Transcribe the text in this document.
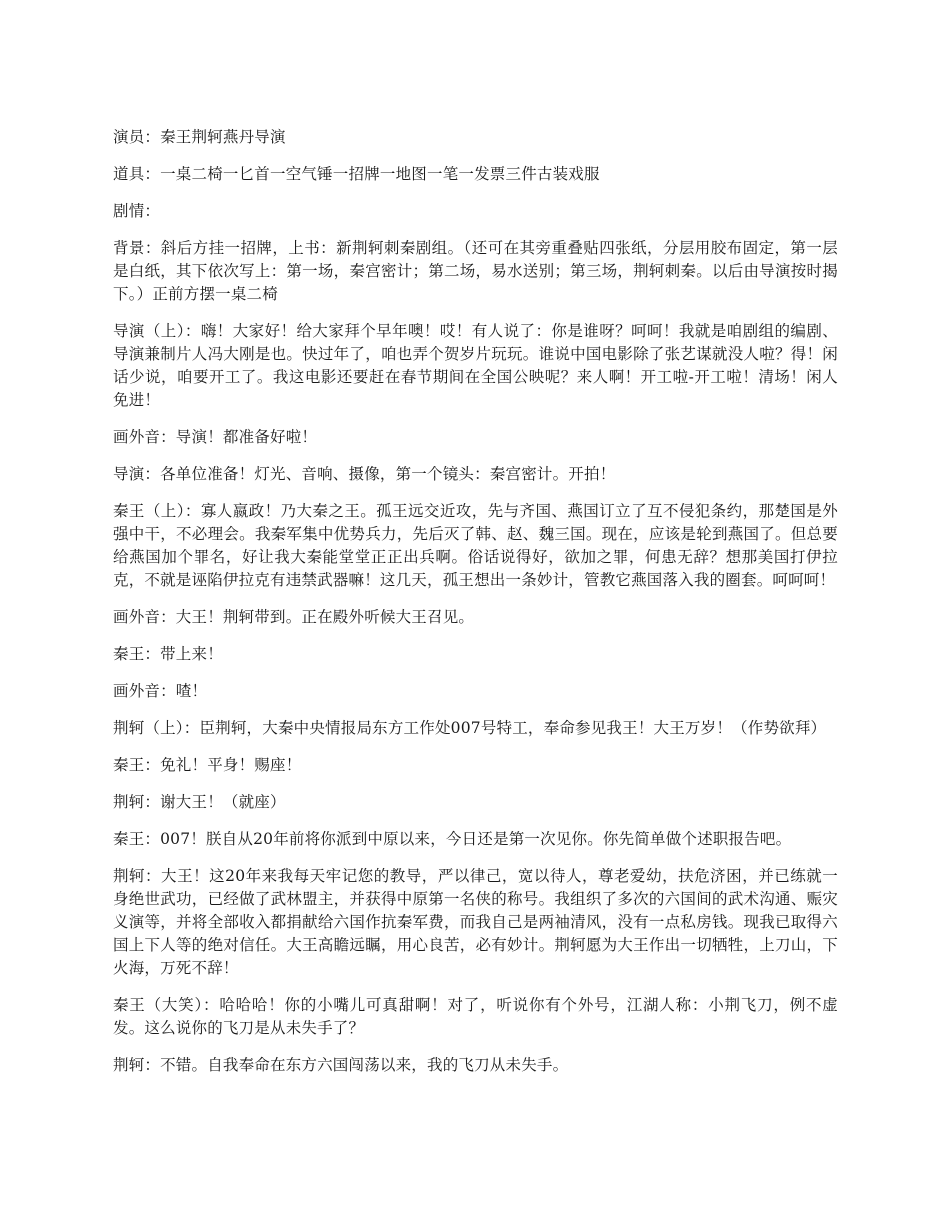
演员：秦王荆轲燕丹导演

道具：一桌二椅一匕首一空气锤一招牌一地图一笔一发票三件古装戏服

剧情：

背景：斜后方挂一招牌，上书：新荆轲刺秦剧组。（还可在其旁重叠贴四张纸，分层用胶布固定，第一层是白纸，其下依次写上：第一场，秦宫密计；第二场，易水送别；第三场，荆轲刺秦。以后由导演按时揭下。）正前方摆一桌二椅

导演（上）：嗨！大家好！给大家拜个早年噢！哎！有人说了：你是谁呀？呵呵！我就是咱剧组的编剧、导演兼制片人冯大刚是也。快过年了，咱也弄个贺岁片玩玩。谁说中国电影除了张艺谋就没人啦？得！闲话少说，咱要开工了。我这电影还要赶在春节期间在全国公映呢？来人啊！开工啦-开工啦！清场！闲人免进！

画外音：导演！都准备好啦！

导演：各单位准备！灯光、音响、摄像，第一个镜头：秦宫密计。开拍！

秦王（上）：寡人嬴政！乃大秦之王。孤王远交近攻，先与齐国、燕国订立了互不侵犯条约，那楚国是外强中干，不必理会。我秦军集中优势兵力，先后灭了韩、赵、魏三国。现在，应该是轮到燕国了。但总要给燕国加个罪名，好让我大秦能堂堂正正出兵啊。俗话说得好，欲加之罪，何患无辞？想那美国打伊拉克，不就是诬陷伊拉克有违禁武器嘛！这几天，孤王想出一条妙计，管教它燕国落入我的圈套。呵呵呵！

画外音：大王！荆轲带到。正在殿外听候大王召见。

秦王：带上来！

画外音：喳！

荆轲（上）：臣荆轲，大秦中央情报局东方工作处007号特工，奉命参见我王！大王万岁！（作势欲拜）

秦王：免礼！平身！赐座！

荆轲：谢大王！（就座）

秦王：007！朕自从20年前将你派到中原以来，今日还是第一次见你。你先简单做个述职报告吧。

荆轲：大王！这20年来我每天牢记您的教导，严以律己，宽以待人，尊老爱幼，扶危济困，并已练就一身绝世武功，已经做了武林盟主，并获得中原第一名侠的称号。我组织了多次的六国间的武术沟通、赈灾义演等，并将全部收入都捐献给六国作抗秦军费，而我自己是两袖清风，没有一点私房钱。现我已取得六国上下人等的绝对信任。大王高瞻远瞩，用心良苦，必有妙计。荆轲愿为大王作出一切牺牲，上刀山，下火海，万死不辞！

秦王（大笑）：哈哈哈！你的小嘴儿可真甜啊！对了，听说你有个外号，江湖人称：小荆飞刀，例不虚发。这么说你的飞刀是从未失手了？

荆轲：不错。自我奉命在东方六国闯荡以来，我的飞刀从未失手。
